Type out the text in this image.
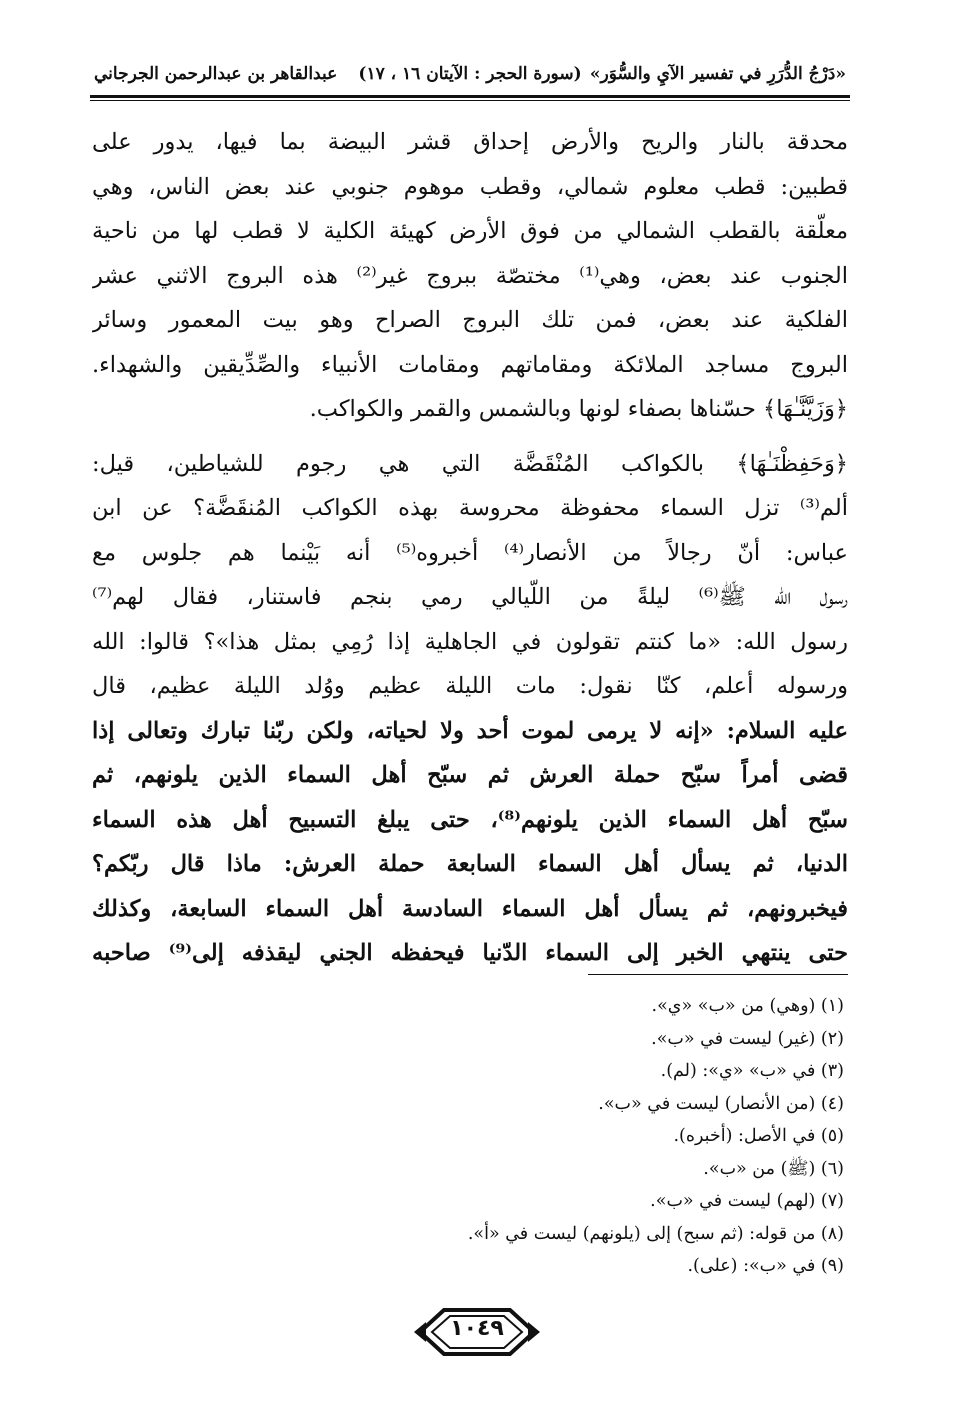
«دَرْجُ الدُّرَرِ في تفسير الآيِ والسُّوَر»
(سورة الحجر : الآيتان ١٦ ، ١٧)
عبدالقاهر بن عبدالرحمن الجرجاني
محدقة بالنار والريح والأرض إحداق قشر البيضة بما فيها، يدور على
قطبين: قطب معلوم شمالي، وقطب موهوم جنوبي عند بعض الناس، وهي
معلّقة بالقطب الشمالي من فوق الأرض كهيئة الكلية لا قطب لها من ناحية
الجنوب عند بعض، وهي⁽¹⁾ مختصّة ببروج غير⁽²⁾ هذه البروج الاثني عشر
الفلكية عند بعض، فمن تلك البروج الصراح وهو بيت المعمور وسائر
البروج مساجد الملائكة ومقاماتهم ومقامات الأنبياء والصِّدِّيقين والشهداء.
﴿وَزَيَّنَّـٰهَا﴾ حسّناها بصفاء لونها وبالشمس والقمر والكواكب.
﴿وَحَفِظْنَـٰهَا﴾ بالكواكب المُنْقَضَّة التي هي رجوم للشياطين، قيل:
ألم⁽³⁾ تزل السماء محفوظة محروسة بهذه الكواكب المُنقَضَّة؟ عن ابن
عباس: أنّ رجالاً من الأنصار⁽⁴⁾ أخبروه⁽⁵⁾ أنه بَيْنما هم جلوس مع
رسول الله ﷺ⁽⁶⁾ ليلةً من اللّيالي رمي بنجم فاستنار، فقال لهم⁽⁷⁾
رسول الله: «ما كنتم تقولون في الجاهلية إذا رُمِي بمثل هذا»؟ قالوا: الله
ورسوله أعلم، كنّا نقول: مات الليلة عظيم ووُلد الليلة عظيم، قال
عليه السلام: «إنه لا يرمى لموت أحد ولا لحياته، ولكن ربّنا تبارك وتعالى إذا
قضى أمراً سبّح حملة العرش ثم سبّح أهل السماء الذين يلونهم، ثم
سبّح أهل السماء الذين يلونهم⁽⁸⁾، حتى يبلغ التسبيح أهل هذه السماء
الدنيا، ثم يسأل أهل السماء السابعة حملة العرش: ماذا قال ربّكم؟
فيخبرونهم، ثم يسأل أهل السماء السادسة أهل السماء السابعة، وكذلك
حتى ينتهي الخبر إلى السماء الدّنيا فيحفظه الجني ليقذفه إلى⁽⁹⁾ صاحبه
(١) (وهي) من «ب» «ي».
(٢) (غير) ليست في «ب».
(٣) في «ب» «ي»: (لم).
(٤) (من الأنصار) ليست في «ب».
(٥) في الأصل: (أخبره).
(٦) (ﷺ) من «ب».
(٧) (لهم) ليست في «ب».
(٨) من قوله: (ثم سبح) إلى (يلونهم) ليست في «أ».
(٩) في «ب»: (على).
١٠٤٩
